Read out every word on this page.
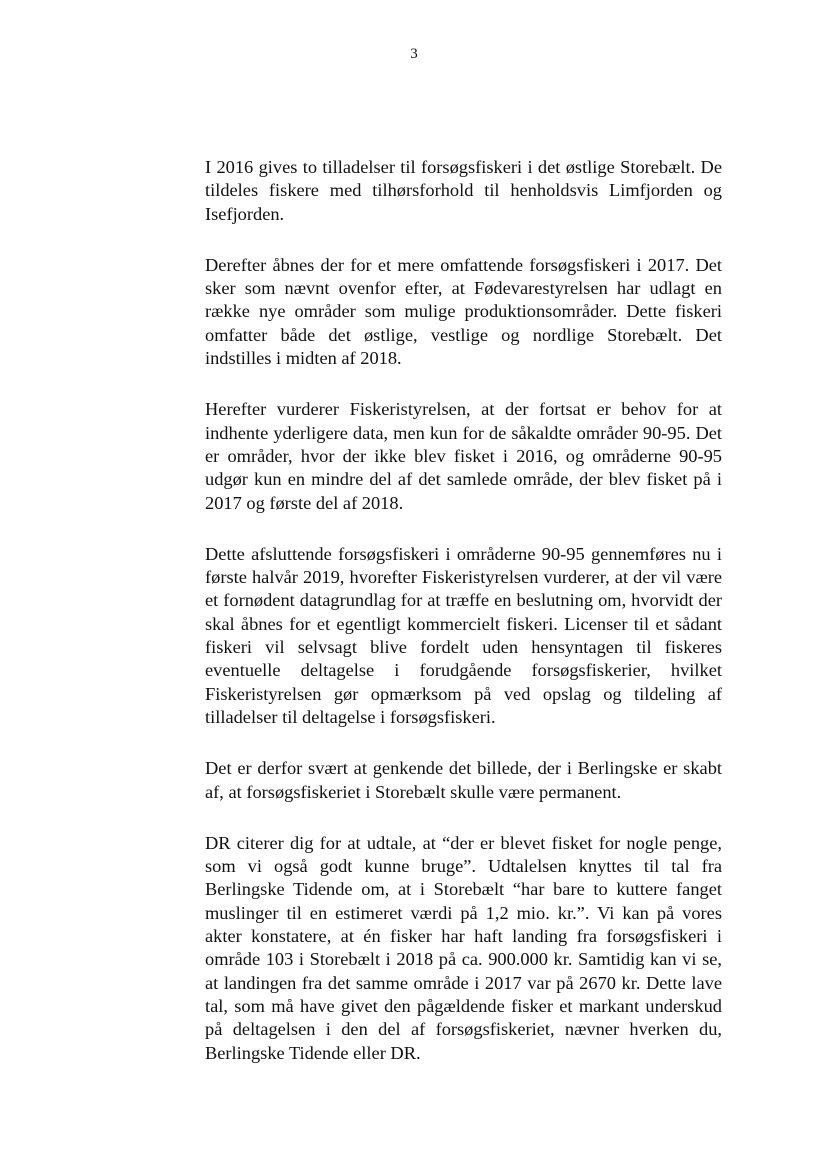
3

I 2016 gives to tilladelser til forsøgsfiskeri i det østlige Storebælt. De tildeles fiskere med tilhørsforhold til henholdsvis Limfjorden og Isefjorden.

Derefter åbnes der for et mere omfattende forsøgsfiskeri i 2017. Det sker som nævnt ovenfor efter, at Fødevarestyrelsen har udlagt en række nye områder som mulige produktionsområder. Dette fiskeri omfatter både det østlige, vestlige og nordlige Storebælt. Det indstilles i midten af 2018.

Herefter vurderer Fiskeristyrelsen, at der fortsat er behov for at indhente yderligere data, men kun for de såkaldte områder 90-95. Det er områder, hvor der ikke blev fisket i 2016, og områderne 90-95 udgør kun en mindre del af det samlede område, der blev fisket på i 2017 og første del af 2018.

Dette afsluttende forsøgsfiskeri i områderne 90-95 gennemføres nu i første halvår 2019, hvorefter Fiskeristyrelsen vurderer, at der vil være et fornødent datagrundlag for at træffe en beslutning om, hvorvidt der skal åbnes for et egentligt kommercielt fiskeri. Licenser til et sådant fiskeri vil selvsagt blive fordelt uden hensyntagen til fiskeres eventuelle deltagelse i forudgående forsøgsfiskerier, hvilket Fiskeristyrelsen gør opmærksom på ved opslag og tildeling af tilladelser til deltagelse i forsøgsfiskeri.

Det er derfor svært at genkende det billede, der i Berlingske er skabt af, at forsøgsfiskeriet i Storebælt skulle være permanent.

DR citerer dig for at udtale, at “der er blevet fisket for nogle penge, som vi også godt kunne bruge”. Udtalelsen knyttes til tal fra Berlingske Tidende om, at i Storebælt “har bare to kuttere fanget muslinger til en estimeret værdi på 1,2 mio. kr.”. Vi kan på vores akter konstatere, at én fisker har haft landing fra forsøgsfiskeri i område 103 i Storebælt i 2018 på ca. 900.000 kr. Samtidig kan vi se, at landingen fra det samme område i 2017 var på 2670 kr. Dette lave tal, som må have givet den pågældende fisker et markant underskud på deltagelsen i den del af forsøgsfiskeriet, nævner hverken du, Berlingske Tidende eller DR.
